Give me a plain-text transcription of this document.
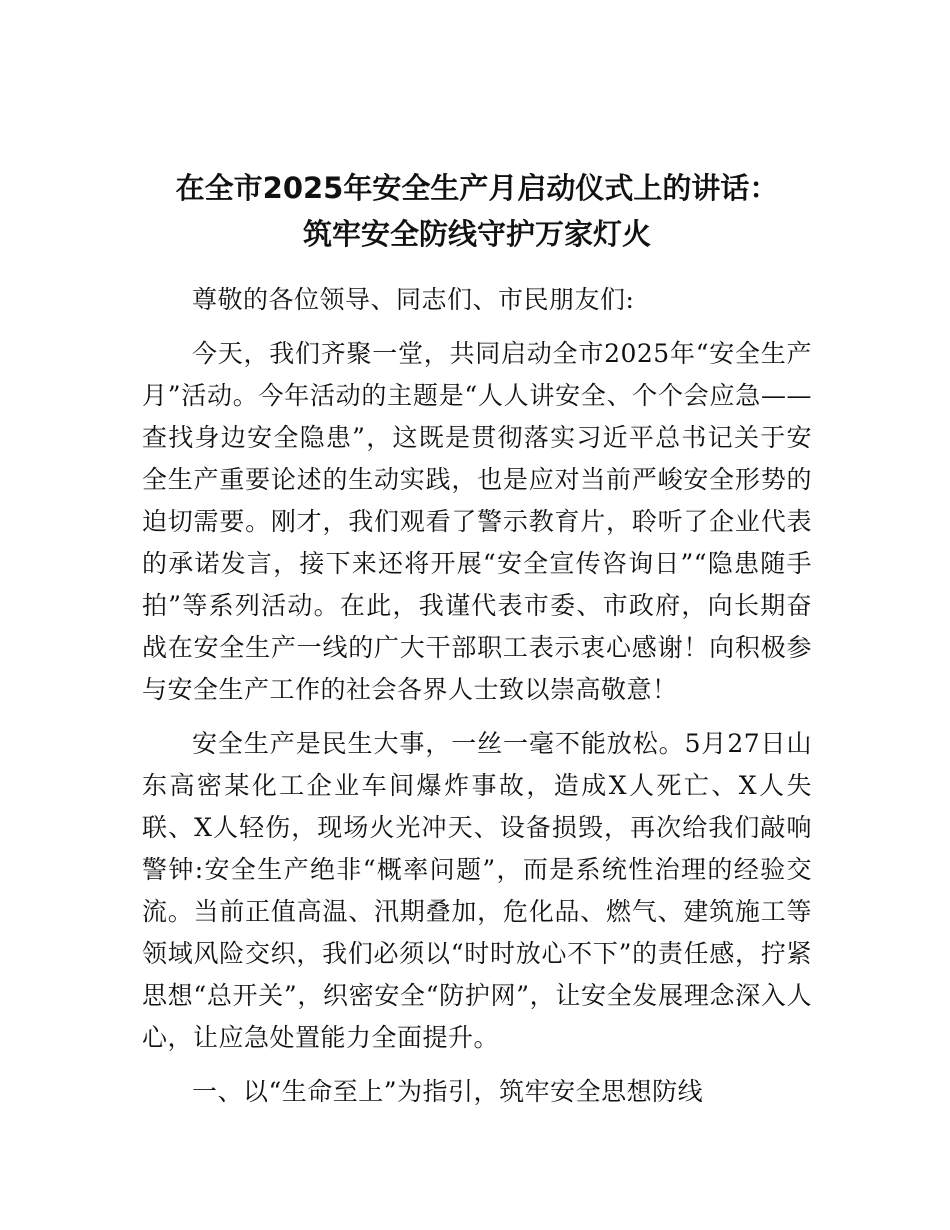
在全市2025年安全生产月启动仪式上的讲话：
筑牢安全防线守护万家灯火

尊敬的各位领导、同志们、市民朋友们:

今天，我们齐聚一堂，共同启动全市2025年“安全生产月”活动。今年活动的主题是“人人讲安全、个个会应急——查找身边安全隐患”，这既是贯彻落实习近平总书记关于安全生产重要论述的生动实践，也是应对当前严峻安全形势的迫切需要。刚才，我们观看了警示教育片，聆听了企业代表的承诺发言，接下来还将开展“安全宣传咨询日”“隐患随手拍”等系列活动。在此，我谨代表市委、市政府，向长期奋战在安全生产一线的广大干部职工表示衷心感谢！向积极参与安全生产工作的社会各界人士致以崇高敬意！

安全生产是民生大事，一丝一毫不能放松。5月27日山东高密某化工企业车间爆炸事故，造成X人死亡、X人失联、X人轻伤，现场火光冲天、设备损毁，再次给我们敲响警钟:安全生产绝非“概率问题”，而是系统性治理的经验交流。当前正值高温、汛期叠加，危化品、燃气、建筑施工等领域风险交织，我们必须以“时时放心不下”的责任感，拧紧思想“总开关”，织密安全“防护网”，让安全发展理念深入人心，让应急处置能力全面提升。

一、以“生命至上”为指引，筑牢安全思想防线
